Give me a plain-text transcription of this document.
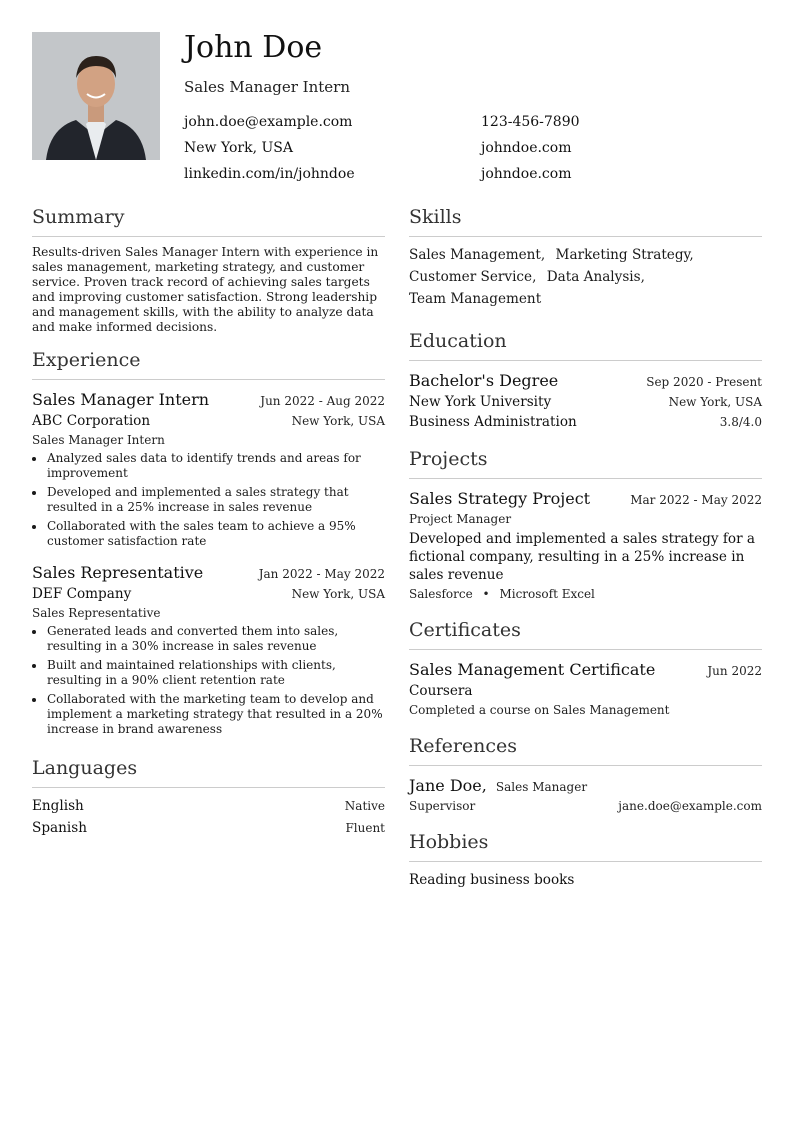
John Doe
Sales Manager Intern
john.doe@example.com	123-456-7890
New York, USA	johndoe.com
linkedin.com/in/johndoe	johndoe.com
Summary
Results-driven Sales Manager Intern with experience in sales management, marketing strategy, and customer service. Proven track record of achieving sales targets and improving customer satisfaction. Strong leadership and management skills, with the ability to analyze data and make informed decisions.
Experience
Sales Manager Intern	Jun 2022 - Aug 2022
ABC Corporation	New York, USA
Sales Manager Intern
• Analyzed sales data to identify trends and areas for improvement
• Developed and implemented a sales strategy that resulted in a 25% increase in sales revenue
• Collaborated with the sales team to achieve a 95% customer satisfaction rate
Sales Representative	Jan 2022 - May 2022
DEF Company	New York, USA
Sales Representative
• Generated leads and converted them into sales, resulting in a 30% increase in sales revenue
• Built and maintained relationships with clients, resulting in a 90% client retention rate
• Collaborated with the marketing team to develop and implement a marketing strategy that resulted in a 20% increase in brand awareness
Languages
English	Native
Spanish	Fluent
Skills
Sales Management, Marketing Strategy,
Customer Service, Data Analysis,
Team Management
Education
Bachelor's Degree	Sep 2020 - Present
New York University	New York, USA
Business Administration	3.8/4.0
Projects
Sales Strategy Project	Mar 2022 - May 2022
Project Manager
Developed and implemented a sales strategy for a fictional company, resulting in a 25% increase in sales revenue
Salesforce • Microsoft Excel
Certificates
Sales Management Certificate	Jun 2022
Coursera
Completed a course on Sales Management
References
Jane Doe, Sales Manager
Supervisor	jane.doe@example.com
Hobbies
Reading business books
